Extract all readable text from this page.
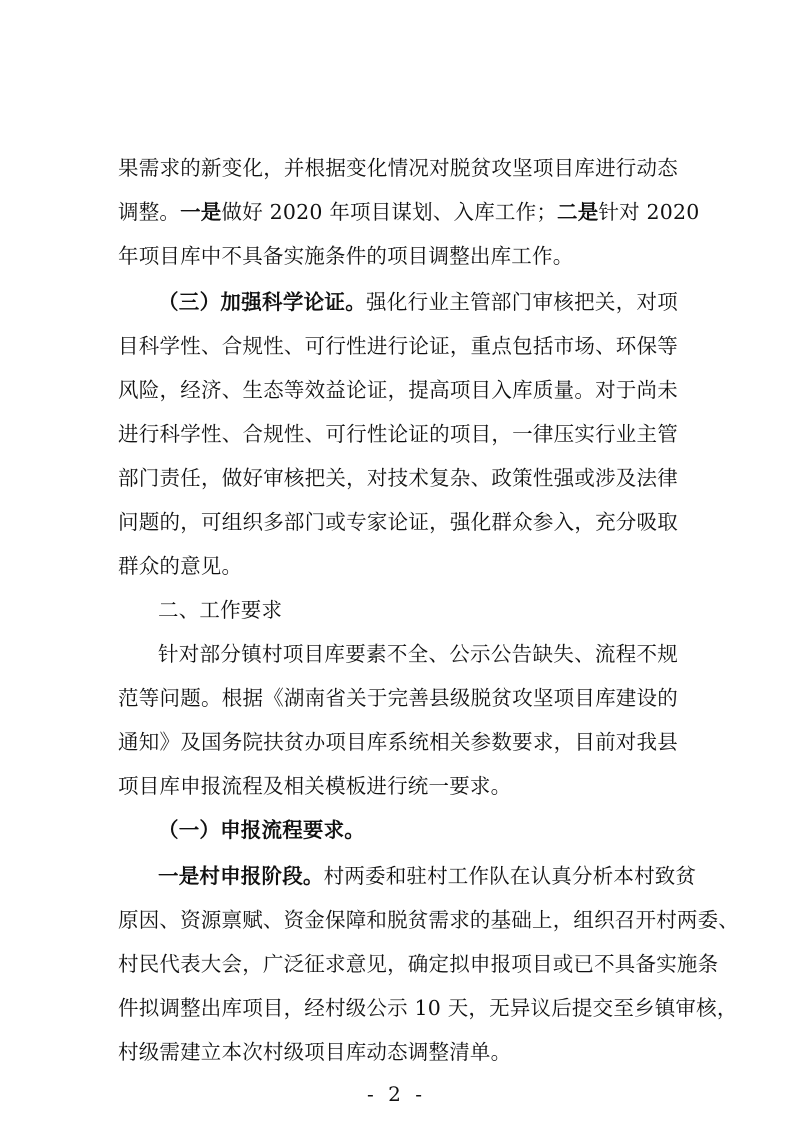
果需求的新变化，并根据变化情况对脱贫攻坚项目库进行动态
调整。一是做好 2020 年项目谋划、入库工作；二是针对 2020
年项目库中不具备实施条件的项目调整出库工作。
（三）加强科学论证。强化行业主管部门审核把关，对项
目科学性、合规性、可行性进行论证，重点包括市场、环保等
风险，经济、生态等效益论证，提高项目入库质量。对于尚未
进行科学性、合规性、可行性论证的项目，一律压实行业主管
部门责任，做好审核把关，对技术复杂、政策性强或涉及法律
问题的，可组织多部门或专家论证，强化群众参入，充分吸取
群众的意见。
二、工作要求
针对部分镇村项目库要素不全、公示公告缺失、流程不规
范等问题。根据《湖南省关于完善县级脱贫攻坚项目库建设的
通知》及国务院扶贫办项目库系统相关参数要求，目前对我县
项目库申报流程及相关模板进行统一要求。
（一）申报流程要求。
一是村申报阶段。村两委和驻村工作队在认真分析本村致贫
原因、资源禀赋、资金保障和脱贫需求的基础上，组织召开村两委、
村民代表大会，广泛征求意见，确定拟申报项目或已不具备实施条
件拟调整出库项目，经村级公示 10 天，无异议后提交至乡镇审核，
村级需建立本次村级项目库动态调整清单。
- 2 -
